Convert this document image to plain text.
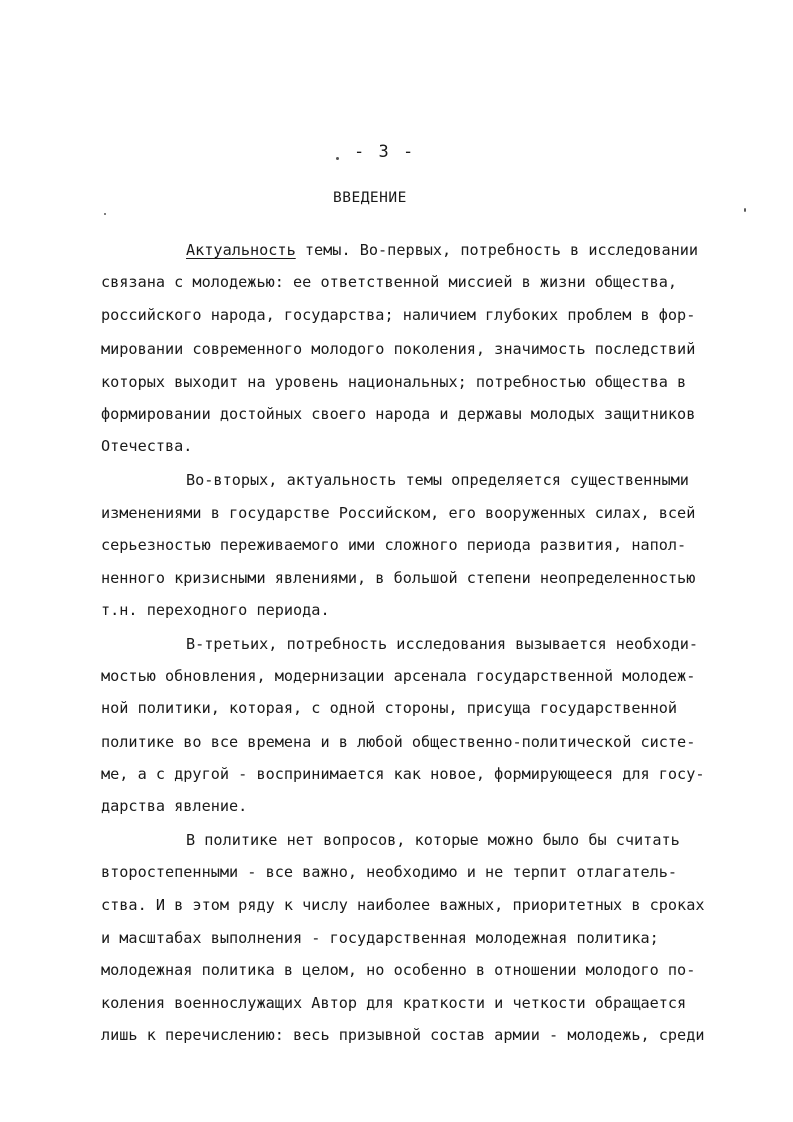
- 3 -
ВВЕДЕНИЕ
Актуальность темы. Во-первых, потребность в исследовании
связана с молодежью: ее ответственной миссией в жизни общества,
российского народа, государства; наличием глубоких проблем в фор-
мировании современного молодого поколения, значимость последствий
которых выходит на уровень национальных; потребностью общества в
формировании достойных своего народа и державы молодых защитников
Отечества.
Во-вторых, актуальность темы определяется существенными
изменениями в государстве Российском, его вооруженных силах, всей
серьезностью переживаемого ими сложного периода развития, напол-
ненного кризисными явлениями, в большой степени неопределенностью
т.н. переходного периода.
В-третьих, потребность исследования вызывается необходи-
мостью обновления, модернизации арсенала государственной молодеж-
ной политики, которая, с одной стороны, присуща государственной
политике во все времена и в любой общественно-политической систе-
ме, а с другой - воспринимается как новое, формирующееся для госу-
дарства явление.
В политике нет вопросов, которые можно было бы считать
второстепенными - все важно, необходимо и не терпит отлагатель-
ства. И в этом ряду к числу наиболее важных, приоритетных в сроках
и масштабах выполнения - государственная молодежная политика;
молодежная политика в целом, но особенно в отношении молодого по-
коления военнослужащих Автор для краткости и четкости обращается
лишь к перечислению: весь призывной состав армии - молодежь, среди
